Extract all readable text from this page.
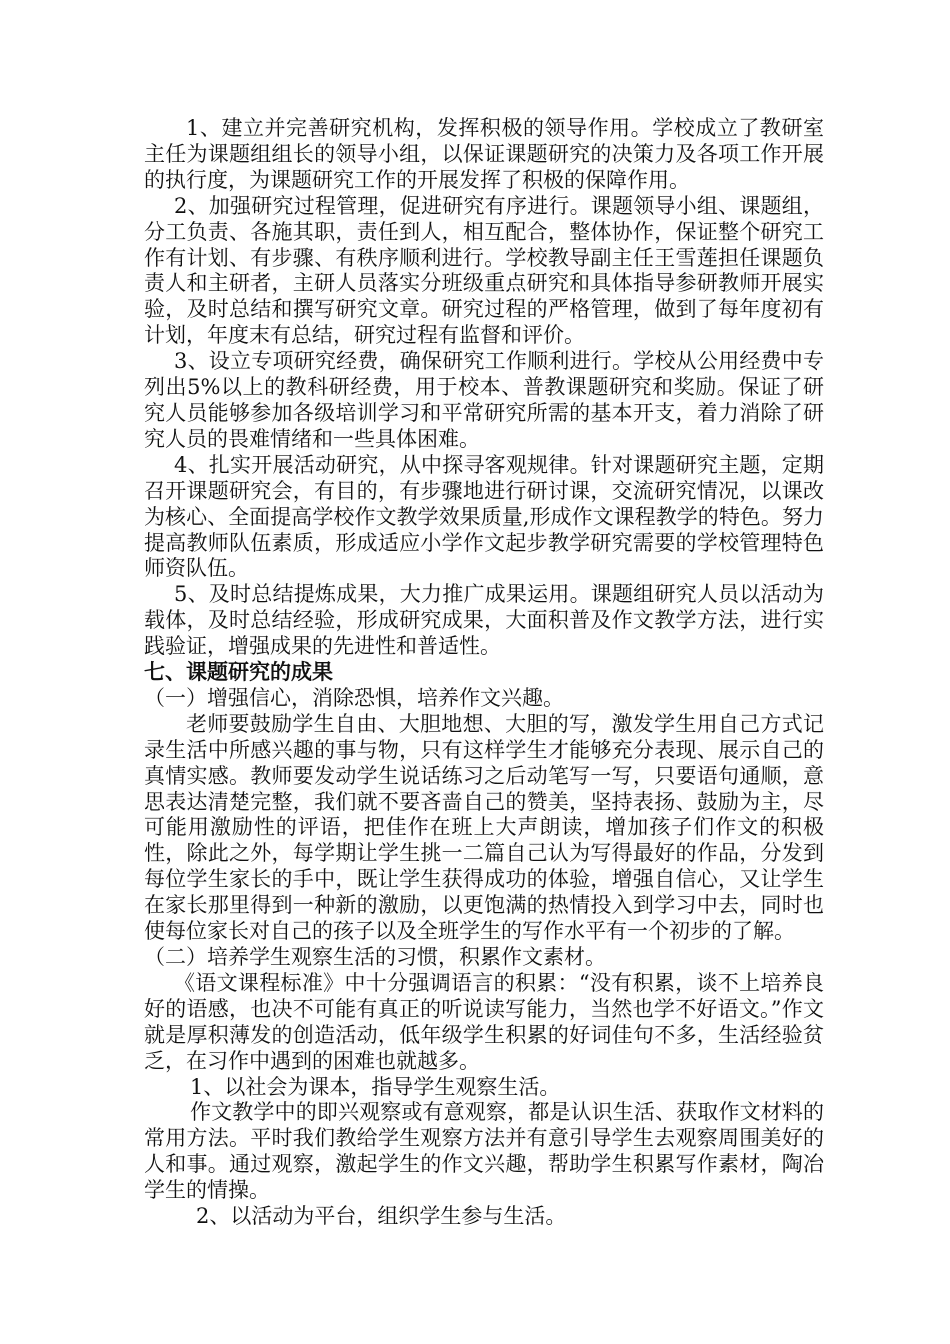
1、建立并完善研究机构，发挥积极的领导作用。学校成立了教研室主任为课题组组长的领导小组，以保证课题研究的决策力及各项工作开展的执行度，为课题研究工作的开展发挥了积极的保障作用。

2、加强研究过程管理，促进研究有序进行。课题领导小组、课题组，分工负责、各施其职，责任到人，相互配合，整体协作，保证整个研究工作有计划、有步骤、有秩序顺利进行。学校教导副主任王雪莲担任课题负责人和主研者，主研人员落实分班级重点研究和具体指导参研教师开展实验，及时总结和撰写研究文章。研究过程的严格管理，做到了每年度初有计划，年度末有总结，研究过程有监督和评价。

3、设立专项研究经费，确保研究工作顺利进行。学校从公用经费中专列出5%以上的教科研经费，用于校本、普教课题研究和奖励。保证了研究人员能够参加各级培训学习和平常研究所需的基本开支，着力消除了研究人员的畏难情绪和一些具体困难。

4、扎实开展活动研究，从中探寻客观规律。针对课题研究主题，定期召开课题研究会，有目的，有步骤地进行研讨课，交流研究情况，以课改为核心、全面提高学校作文教学效果质量,形成作文课程教学的特色。努力提高教师队伍素质，形成适应小学作文起步教学研究需要的学校管理特色师资队伍。

5、及时总结提炼成果，大力推广成果运用。课题组研究人员以活动为载体，及时总结经验，形成研究成果，大面积普及作文教学方法，进行实践验证，增强成果的先进性和普适性。

七、课题研究的成果

（一）增强信心，消除恐惧，培养作文兴趣。

老师要鼓励学生自由、大胆地想、大胆的写，激发学生用自己方式记录生活中所感兴趣的事与物，只有这样学生才能够充分表现、展示自己的真情实感。教师要发动学生说话练习之后动笔写一写，只要语句通顺，意思表达清楚完整，我们就不要吝啬自己的赞美，坚持表扬、鼓励为主，尽可能用激励性的评语，把佳作在班上大声朗读，增加孩子们作文的积极性，除此之外，每学期让学生挑一二篇自己认为写得最好的作品，分发到每位学生家长的手中，既让学生获得成功的体验，增强自信心，又让学生在家长那里得到一种新的激励，以更饱满的热情投入到学习中去，同时也使每位家长对自己的孩子以及全班学生的写作水平有一个初步的了解。

（二）培养学生观察生活的习惯，积累作文素材。

《语文课程标准》中十分强调语言的积累：“没有积累，谈不上培养良好的语感，也决不可能有真正的听说读写能力，当然也学不好语文。”作文就是厚积薄发的创造活动，低年级学生积累的好词佳句不多，生活经验贫乏，在习作中遇到的困难也就越多。

1、以社会为课本，指导学生观察生活。

作文教学中的即兴观察或有意观察，都是认识生活、获取作文材料的常用方法。平时我们教给学生观察方法并有意引导学生去观察周围美好的人和事。通过观察，激起学生的作文兴趣，帮助学生积累写作素材，陶冶学生的情操。

2、以活动为平台，组织学生参与生活。
